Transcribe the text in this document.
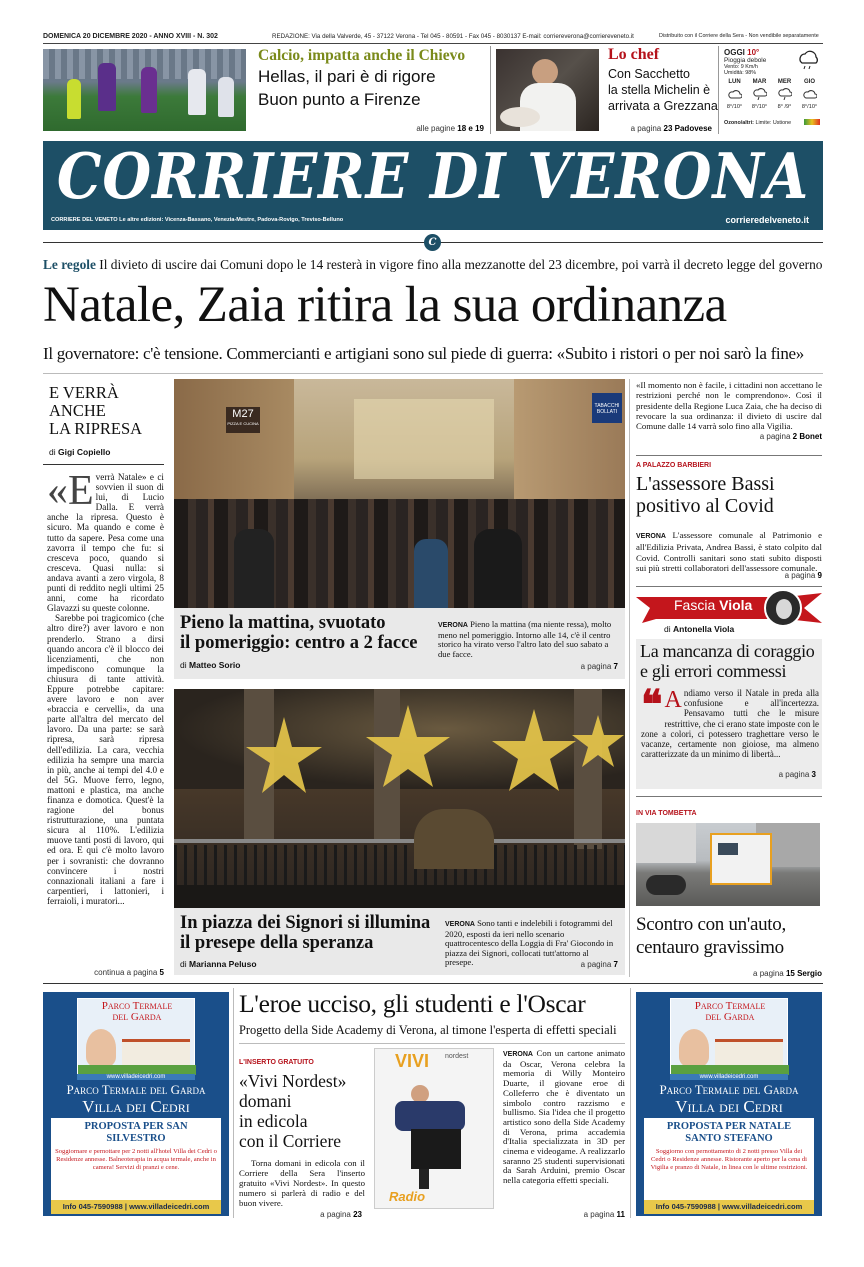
DOMENICA 20 DICEMBRE 2020 - ANNO XVIII - N. 302	REDAZIONE: Via della Valverde, 45 - 37122 Verona - Tel 045 - 80591 - Fax 045 - 8030137 E-mail: corriereverona@corriereveneto.it	Distribuito con il Corriere della Sera - Non vendibile separatamente
Calcio, impatta anche il Chievo
Hellas, il pari è di rigore
Buon punto a Firenze
alle pagine 18 e 19
Lo chef
Con Sacchetto
la stella Michelin è
arrivata a Grezzana
a pagina 23 Padovese
OGGI 10°
Pioggia debole
Vento: 9 Km/h
Umidità: 98%
LUN
8°/10°
MAR
8°/10°
MER
8° /9°
GIO
8°/10°
Ozono/altri: Limite: Ustione
CORRIERE DI VERONA
CORRIERE DEL VENETO Le altre edizioni: Vicenza-Bassano, Venezia-Mestre, Padova-Rovigo, Treviso-Belluno	corrieredelveneto.it
C
Le regole Il divieto di uscire dai Comuni dopo le 14 resterà in vigore fino alla mezzanotte del 23 dicembre, poi varrà il decreto legge del governo
Natale, Zaia ritira la sua ordinanza
Il governatore: c'è tensione. Commercianti e artigiani sono sul piede di guerra: «Subito i ristori o per noi sarò la fine»
E VERRÀ
ANCHE
LA RIPRESA
di Gigi Copiello
«E verrà Natale» e ci sovvien il suon di lui, di Lucio Dalla. E verrà anche la ripresa. Questo è sicuro. Ma quando e come è tutto da sapere. Pesa come una zavorra il tempo che fu: si cresceva poco, quando si cresceva. Quasi nulla: si andava avanti a zero virgola, 8 punti di reddito negli ultimi 25 anni, come ha ricordato Glavazzi su queste colonne.

Sarebbe poi tragicomico (che altro dire?) aver lavoro e non prenderlo. Strano a dirsi quando ancora c'è il blocco dei licenziamenti, che non impediscono comunque la chiusura di tante attività. Eppure potrebbe capitare: avere lavoro e non aver «braccia e cervelli», da una parte all'altra del mercato del lavoro. Da una parte: se sarà ripresa, sarà ripresa dell'edilizia. La cara, vecchia edilizia ha sempre una marcia in più, anche ai tempi del 4.0 e del 5G. Muove ferro, legno, mattoni e plastica, ma anche finanza e domotica. Quest'è la ragione del bonus ristrutturazione, una puntata sicura al 110%. L'edilizia muove tanti posti di lavoro, qui ed ora. E qui c'è molto lavoro per i sovranisti: che dovranno convincere i nostri connazionali italiani a fare i carpentieri, i lattonieri, i ferraioli, i muratori...

continua a pagina 5
M27
PIZZA E CUCINA
TABACCHI BOLLATI
Pieno la mattina, svuotato
il pomeriggio: centro a 2 facce
di Matteo Sorio
VERONA Pieno la mattina (ma niente ressa), molto meno nel pomeriggio. Intorno alle 14, c'è il centro storico ha virato verso l'altro lato del suo sabato a due facce.
a pagina 7
In piazza dei Signori si illumina
il presepe della speranza
di Marianna Peluso
VERONA Sono tanti e indelebili i fotogrammi del 2020, esposti da ieri nello scenario quattrocentesco della Loggia di Fra' Giocondo in piazza dei Signori, collocati tutt'attorno al presepe.	a pagina 7
«Il momento non è facile, i cittadini non accettano le restrizioni perché non le comprendono». Così il presidente della Regione Luca Zaia, che ha deciso di revocare la sua ordinanza: il divieto di uscire dal Comune dalle 14 varrà solo fino alla Vigilia.
a pagina 2 Bonet
A PALAZZO BARBIERI
L'assessore Bassi
positivo al Covid
VERONA L'assessore comunale al Patrimonio e all'Edilizia Privata, Andrea Bassi, è stato colpito dal Covid. Controlli sanitari sono stati subito disposti sui più stretti collaboratori dell'assessore comunale.
a pagina 9
Fascia Viola
di Antonella Viola
La mancanza di coraggio
e gli errori commessi
❝ A ndiamo verso il Natale in preda alla confusione e all'incertezza. Pensavamo tutti che le misure restrittive, che ci erano state imposte con le zone a colori, ci potessero traghettare verso le vacanze, certamente non gioiose, ma almeno caratterizzate da un minimo di libertà...

a pagina 3
IN VIA TOMBETTA
Scontro con un'auto,
centauro gravissimo
a pagina 15 Sergio
L'eroe ucciso, gli studenti e l'Oscar
Progetto della Side Academy di Verona, al timone l'esperta di effetti speciali
L'INSERTO GRATUITO
«Vivi Nordest»
domani
in edicola
con il Corriere
Torna domani in edicola con il Corriere della Sera l'inserto gratuito «Vivi Nordest». In questo numero si parlerà di radio e del buon vivere.
a pagina 23
VIVI nordest
Radio
VERONA Con un cartone animato da Oscar, Verona celebra la memoria di Willy Monteiro Duarte, il giovane eroe di Colleferro che è diventato un simbolo contro razzismo e bullismo. Sia l'idea che il progetto artistico sono della Side Academy di Verona, prima accademia d'Italia specializzata in 3D per cinema e videogame. A realizzarlo saranno 25 studenti supervisionati da Sarah Arduini, premio Oscar nella categoria effetti speciali.
a pagina 11
Parco Termale
del Garda
www.villadeicedri.com
Parco Termale del Garda
Villa dei Cedri
PROPOSTA PER SAN
SILVESTRO
Soggiornare e pernottare per 2 notti all'hotel Villa dei Cedri o Residenze annesse. Balneoterapia in acqua termale, anche in camera! Servizi di pranzi e cene.
Info 045-7590988 | www.villadeicedri.com
Parco Termale
del Garda
www.villadeicedri.com
Parco Termale del Garda
Villa dei Cedri
PROPOSTA PER NATALE
SANTO STEFANO
Soggiorno con pernottamento di 2 notti presso Villa dei Cedri o Residenze annesse. Ristorante aperto per la cena di Vigilia e pranzo di Natale, in linea con le ultime restrizioni.
Info 045-7590988 | www.villadeicedri.com
